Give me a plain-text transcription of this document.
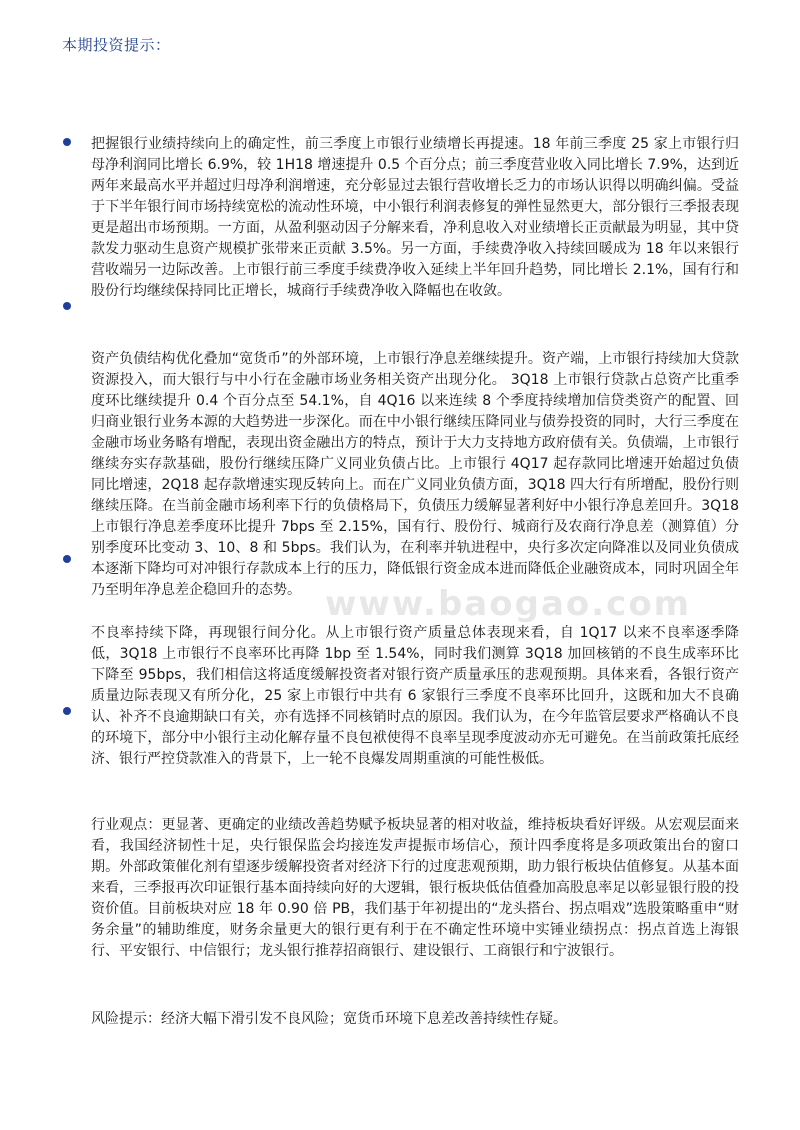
本期投资提示：

把握银行业绩持续向上的确定性，前三季度上市银行业绩增长再提速。18 年前三季度 25 家上市银行归母净利润同比增长 6.9%，较 1H18 增速提升 0.5 个百分点；前三季度营业收入同比增长 7.9%，达到近两年来最高水平并超过归母净利润增速，充分彰显过去银行营收增长乏力的市场认识得以明确纠偏。受益于下半年银行间市场持续宽松的流动性环境，中小银行利润表修复的弹性显然更大，部分银行三季报表现更是超出市场预期。一方面，从盈利驱动因子分解来看，净利息收入对业绩增长正贡献最为明显，其中贷款发力驱动生息资产规模扩张带来正贡献 3.5%。另一方面，手续费净收入持续回暖成为 18 年以来银行营收端另一边际改善。上市银行前三季度手续费净收入延续上半年回升趋势，同比增长 2.1%，国有行和股份行均继续保持同比正增长，城商行手续费净收入降幅也在收敛。

资产负债结构优化叠加“宽货币”的外部环境，上市银行净息差继续提升。资产端，上市银行持续加大贷款资源投入，而大银行与中小行在金融市场业务相关资产出现分化。 3Q18 上市银行贷款占总资产比重季度环比继续提升 0.4 个百分点至 54.1%，自 4Q16 以来连续 8 个季度持续增加信贷类资产的配置、回归商业银行业务本源的大趋势进一步深化。而在中小银行继续压降同业与债券投资的同时，大行三季度在金融市场业务略有增配，表现出资金融出方的特点，预计于大力支持地方政府债有关。负债端，上市银行继续夯实存款基础，股份行继续压降广义同业负债占比。上市银行 4Q17 起存款同比增速开始超过负债同比增速，2Q18 起存款增速实现反转向上。而在广义同业负债方面，3Q18 四大行有所增配，股份行则继续压降。在当前金融市场利率下行的负债格局下，负债压力缓解显著利好中小银行净息差回升。3Q18 上市银行净息差季度环比提升 7bps 至 2.15%，国有行、股份行、城商行及农商行净息差（测算值）分别季度环比变动 3、10、8 和 5bps。我们认为，在利率并轨进程中，央行多次定向降准以及同业负债成本逐渐下降均可对冲银行存款成本上行的压力，降低银行资金成本进而降低企业融资成本，同时巩固全年乃至明年净息差企稳回升的态势。

不良率持续下降，再现银行间分化。从上市银行资产质量总体表现来看，自 1Q17 以来不良率逐季降低，3Q18 上市银行不良率环比再降 1bp 至 1.54%，同时我们测算 3Q18 加回核销的不良生成率环比下降至 95bps，我们相信这将适度缓解投资者对银行资产质量承压的悲观预期。具体来看，各银行资产质量边际表现又有所分化，25 家上市银行中共有 6 家银行三季度不良率环比回升，这既和加大不良确认、补齐不良逾期缺口有关，亦有选择不同核销时点的原因。我们认为，在今年监管层要求严格确认不良的环境下，部分中小银行主动化解存量不良包袱使得不良率呈现季度波动亦无可避免。在当前政策托底经济、银行严控贷款准入的背景下，上一轮不良爆发周期重演的可能性极低。

行业观点：更显著、更确定的业绩改善趋势赋予板块显著的相对收益，维持板块看好评级。从宏观层面来看，我国经济韧性十足，央行银保监会均接连发声提振市场信心，预计四季度将是多项政策出台的窗口期。外部政策催化剂有望逐步缓解投资者对经济下行的过度悲观预期，助力银行板块估值修复。从基本面来看，三季报再次印证银行基本面持续向好的大逻辑，银行板块低估值叠加高股息率足以彰显银行股的投资价值。目前板块对应 18 年 0.90 倍 PB，我们基于年初提出的“龙头搭台、拐点唱戏”选股策略重申“财务余量”的辅助维度，财务余量更大的银行更有利于在不确定性环境中实锤业绩拐点：拐点首选上海银行、平安银行、中信银行；龙头银行推荐招商银行、建设银行、工商银行和宁波银行。

风险提示：经济大幅下滑引发不良风险；宽货币环境下息差改善持续性存疑。

www.baogao.com
